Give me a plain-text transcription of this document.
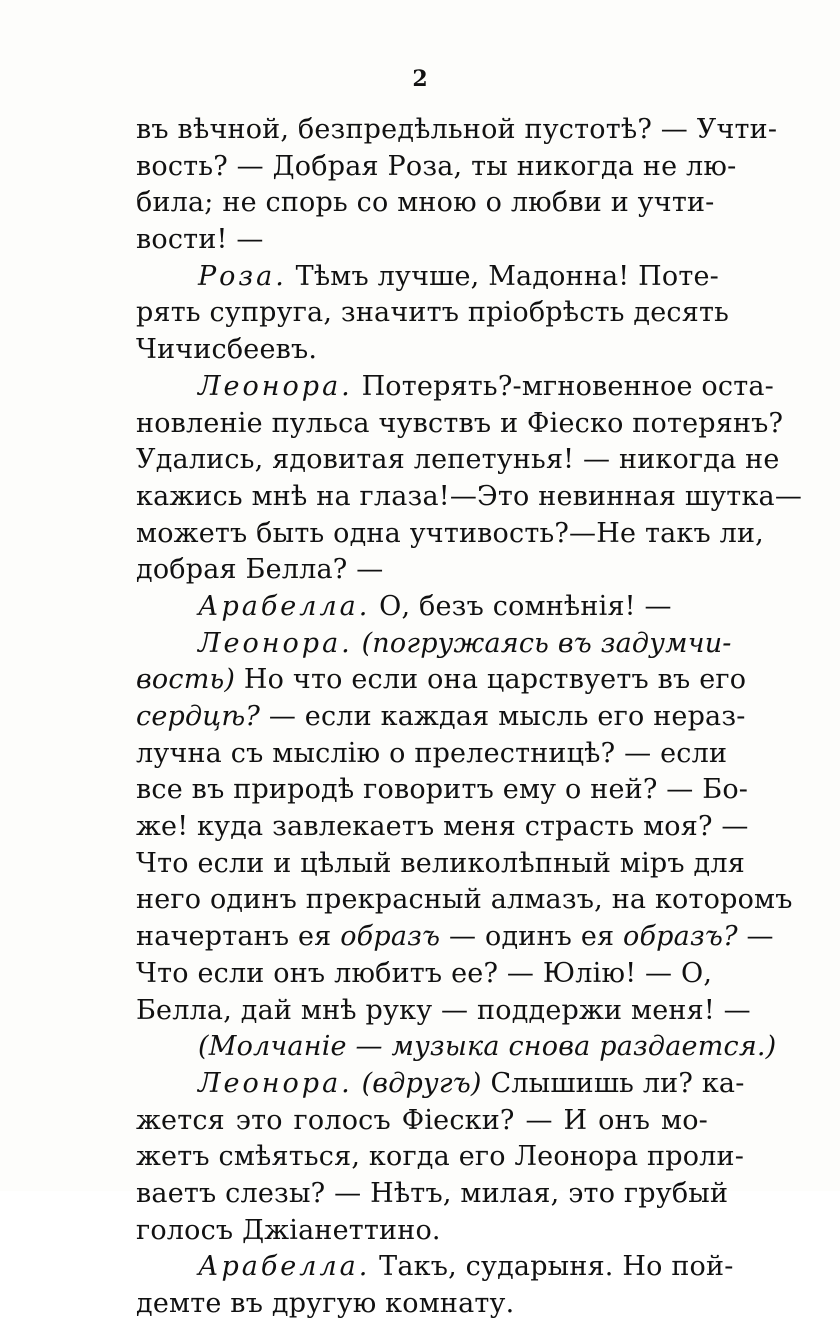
2
въ вѣчной, безпредѣльной пустотѣ? — Учти-
вость? — Добрая Роза, ты никогда не лю-
била; не спорь со мною о любви и учти-
вости! —
Роза. Тѣмъ лучше, Мадонна! Поте-
рять супруга, значитъ пріобрѣсть десять
Чичисбеевъ.
Леонора. Потерять?-мгновенное оста-
новленіе пульса чувствъ и Фіеско потерянъ?
Удались, ядовитая лепетунья! — никогда не
кажись мнѣ на глаза!—Это невинная шутка—
можетъ быть одна учтивость?—Не такъ ли,
добрая Белла? —
Арабелла. О, безъ сомнѣнія! —
Леонора. (погружаясь въ задумчи-
вость) Но что если она царствуетъ въ его
сердцѣ? — если каждая мысль его нераз-
лучна съ мыслію о прелестницѣ? — если
все въ природѣ говоритъ ему о ней? — Бо-
же! куда завлекаетъ меня страсть моя? —
Что если и цѣлый великолѣпный міръ для
него одинъ прекрасный алмазъ, на которомъ
начертанъ ея образъ — одинъ ея образъ? —
Что если онъ любитъ ее? — Юлію! — О,
Белла, дай мнѣ руку — поддержи меня! —
(Молчаніе — музыка снова раздается.)
Леонора. (вдругъ) Слышишь ли? ка-
жется это голосъ Фіески? — И онъ мо-
жетъ смѣяться, когда его Леонора проли-
ваетъ слезы? — Нѣтъ, милая, это грубый
голосъ Джіанеттино.
Арабелла. Такъ, сударыня. Но пой-
демте въ другую комнату.
